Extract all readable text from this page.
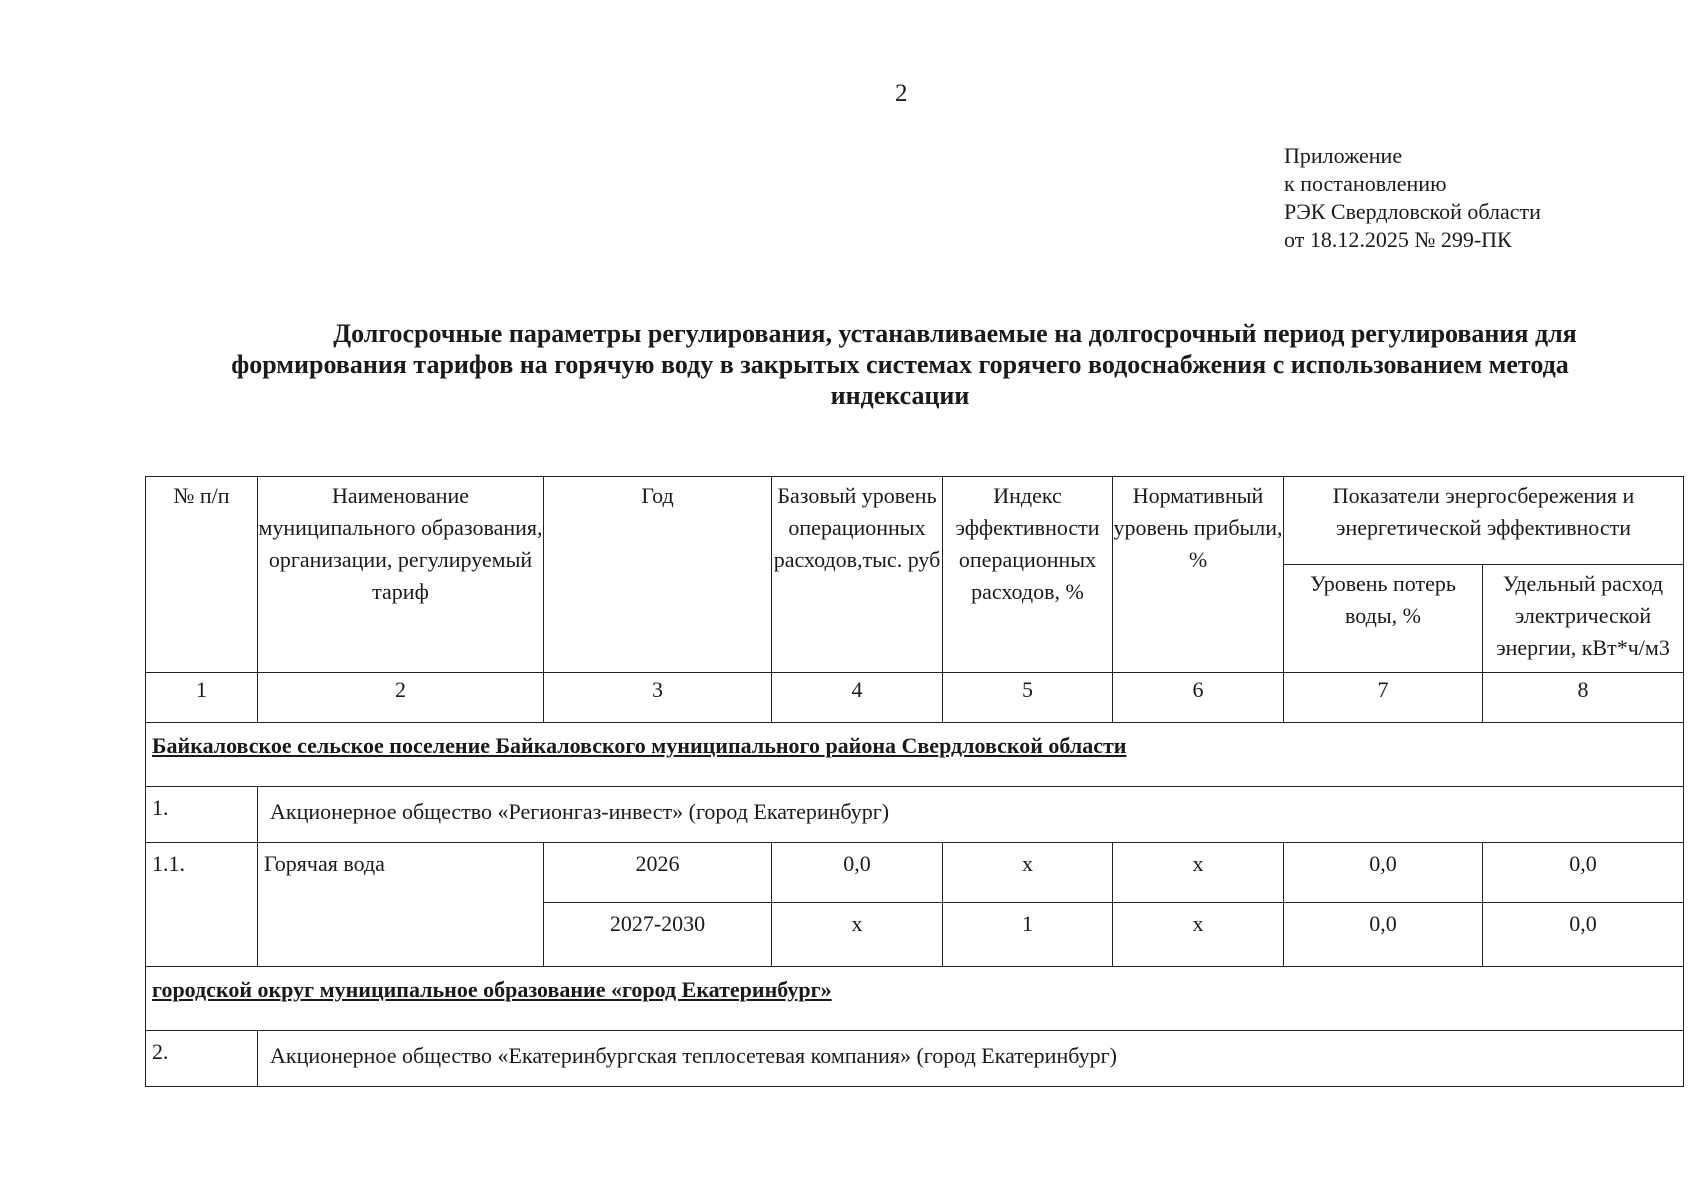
2
Приложение
к постановлению
РЭК Свердловской области
от 18.12.2025 № 299-ПК
Долгосрочные параметры регулирования, устанавливаемые на долгосрочный период регулирования для
формирования тарифов на горячую воду в закрытых системах горячего водоснабжения с использованием метода
индексации
№ п/п	Наименование муниципального образования, организации, регулируемый тариф	Год	Базовый уровень операционных расходов,тыс. руб	Индекс эффективности операционных расходов, %	Нормативный уровень прибыли, %	Показатели энергосбережения и энергетической эффективности	
						Уровень потерь воды, %	Удельный расход электрической энергии, кВт*ч/м3
1	2	3	4	5	6	7	8
Байкаловское сельское поселение Байкаловского муниципального района Свердловской области							
1.	Акционерное общество «Регионгаз-инвест» (город Екатеринбург)						
1.1.	Горячая вода	2026	0,0	х	х	0,0	0,0
		2027-2030	х	1	х	0,0	0,0
городской округ муниципальное образование «город Екатеринбург»							
2.	Акционерное общество «Екатеринбургская теплосетевая компания» (город Екатеринбург)						
